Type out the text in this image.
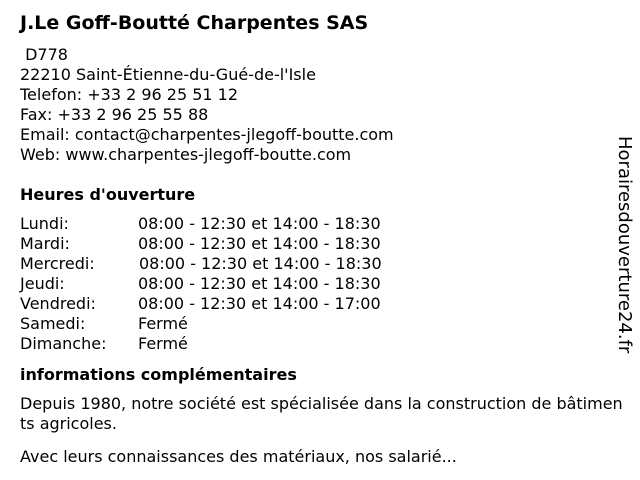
J.Le Goff-Boutté Charpentes SAS
D778
22210 Saint-Étienne-du-Gué-de-l'Isle
Telefon: +33 2 96 25 51 12
Fax: +33 2 96 25 55 88
Email: contact@charpentes-jlegoff-boutte.com
Web: www.charpentes-jlegoff-boutte.com
Heures d'ouverture
Lundi:	08:00 - 12:30 et 14:00 - 18:30
Mardi:	08:00 - 12:30 et 14:00 - 18:30
Mercredi:	08:00 - 12:30 et 14:00 - 18:30
Jeudi:	08:00 - 12:30 et 14:00 - 18:30
Vendredi:	08:00 - 12:30 et 14:00 - 17:00
Samedi:	Fermé
Dimanche: Fermé
informations complémentaires
Depuis 1980, notre société est spécialisée dans la construction de bâtiments agricoles.
Avec leurs connaissances des matériaux, nos salarié...
Horairesdouverture24.fr
